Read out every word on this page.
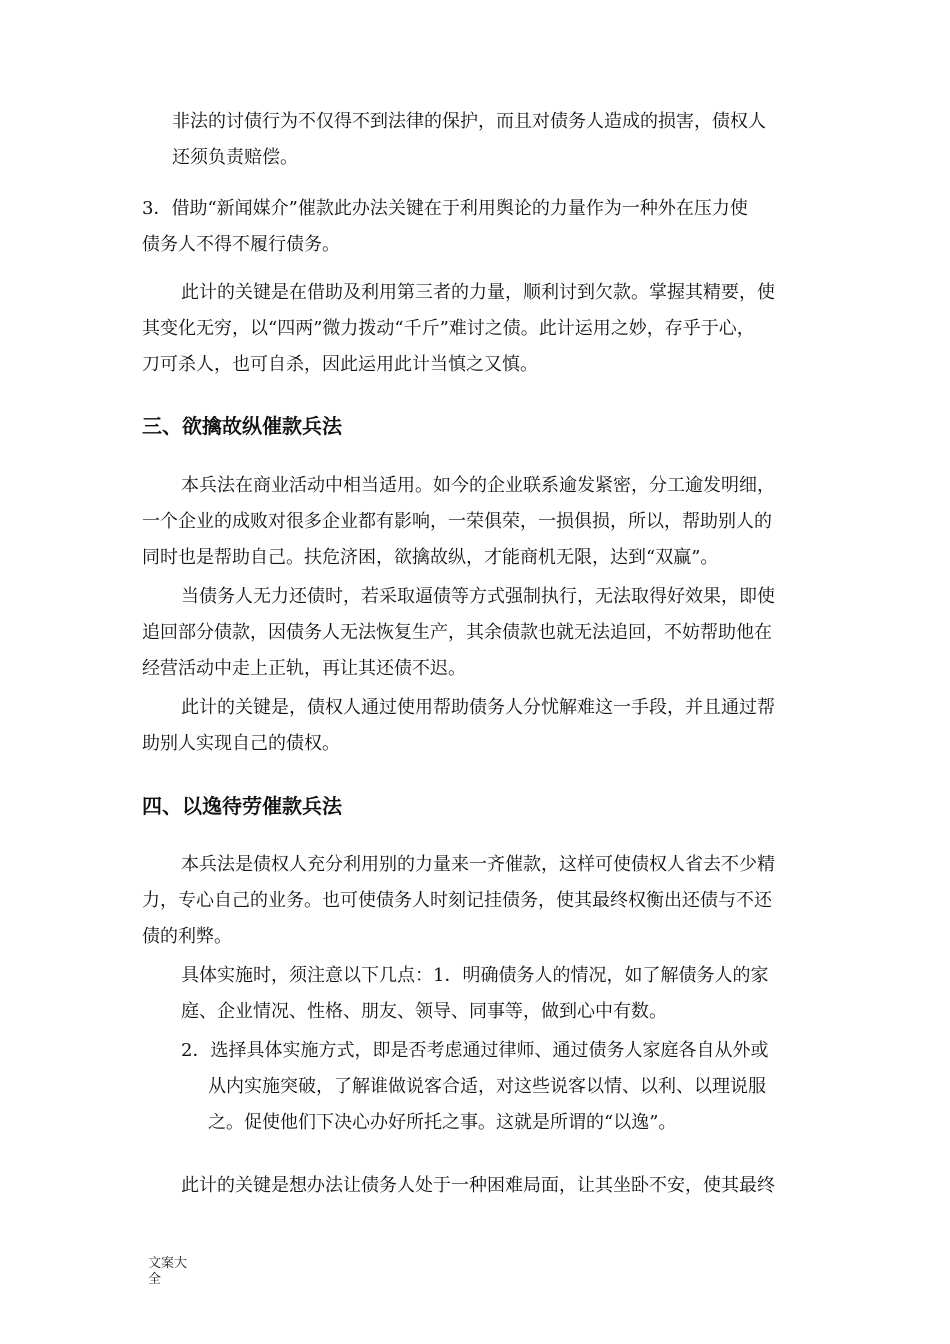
非法的讨债行为不仅得不到法律的保护，而且对债务人造成的损害，债权人
还须负责赔偿。
3．借助“新闻媒介”催款此办法关键在于利用舆论的力量作为一种外在压力使
债务人不得不履行债务。
此计的关键是在借助及利用第三者的力量，顺利讨到欠款。掌握其精要，使
其变化无穷，以“四两”微力拨动“千斤”难讨之债。此计运用之妙，存乎于心，
刀可杀人，也可自杀，因此运用此计当慎之又慎。
三、欲擒故纵催款兵法
本兵法在商业活动中相当适用。如今的企业联系逾发紧密，分工逾发明细，
一个企业的成败对很多企业都有影响，一荣俱荣，一损俱损，所以，帮助别人的
同时也是帮助自己。扶危济困，欲擒故纵，才能商机无限，达到“双赢”。
当债务人无力还债时，若采取逼债等方式强制执行，无法取得好效果，即使
追回部分债款，因债务人无法恢复生产，其余债款也就无法追回，不妨帮助他在
经营活动中走上正轨，再让其还债不迟。
此计的关键是，债权人通过使用帮助债务人分忧解难这一手段，并且通过帮
助别人实现自己的债权。
四、以逸待劳催款兵法
本兵法是债权人充分利用别的力量来一齐催款，这样可使债权人省去不少精
力，专心自己的业务。也可使债务人时刻记挂债务，使其最终权衡出还债与不还
债的利弊。
具体实施时，须注意以下几点：1．明确债务人的情况，如了解债务人的家
庭、企业情况、性格、朋友、领导、同事等，做到心中有数。
2．选择具体实施方式，即是否考虑通过律师、通过债务人家庭各自从外或
从内实施突破，了解谁做说客合适，对这些说客以情、以利、以理说服
之。促使他们下决心办好所托之事。这就是所谓的“以逸”。
此计的关键是想办法让债务人处于一种困难局面，让其坐卧不安，使其最终
文案大全
